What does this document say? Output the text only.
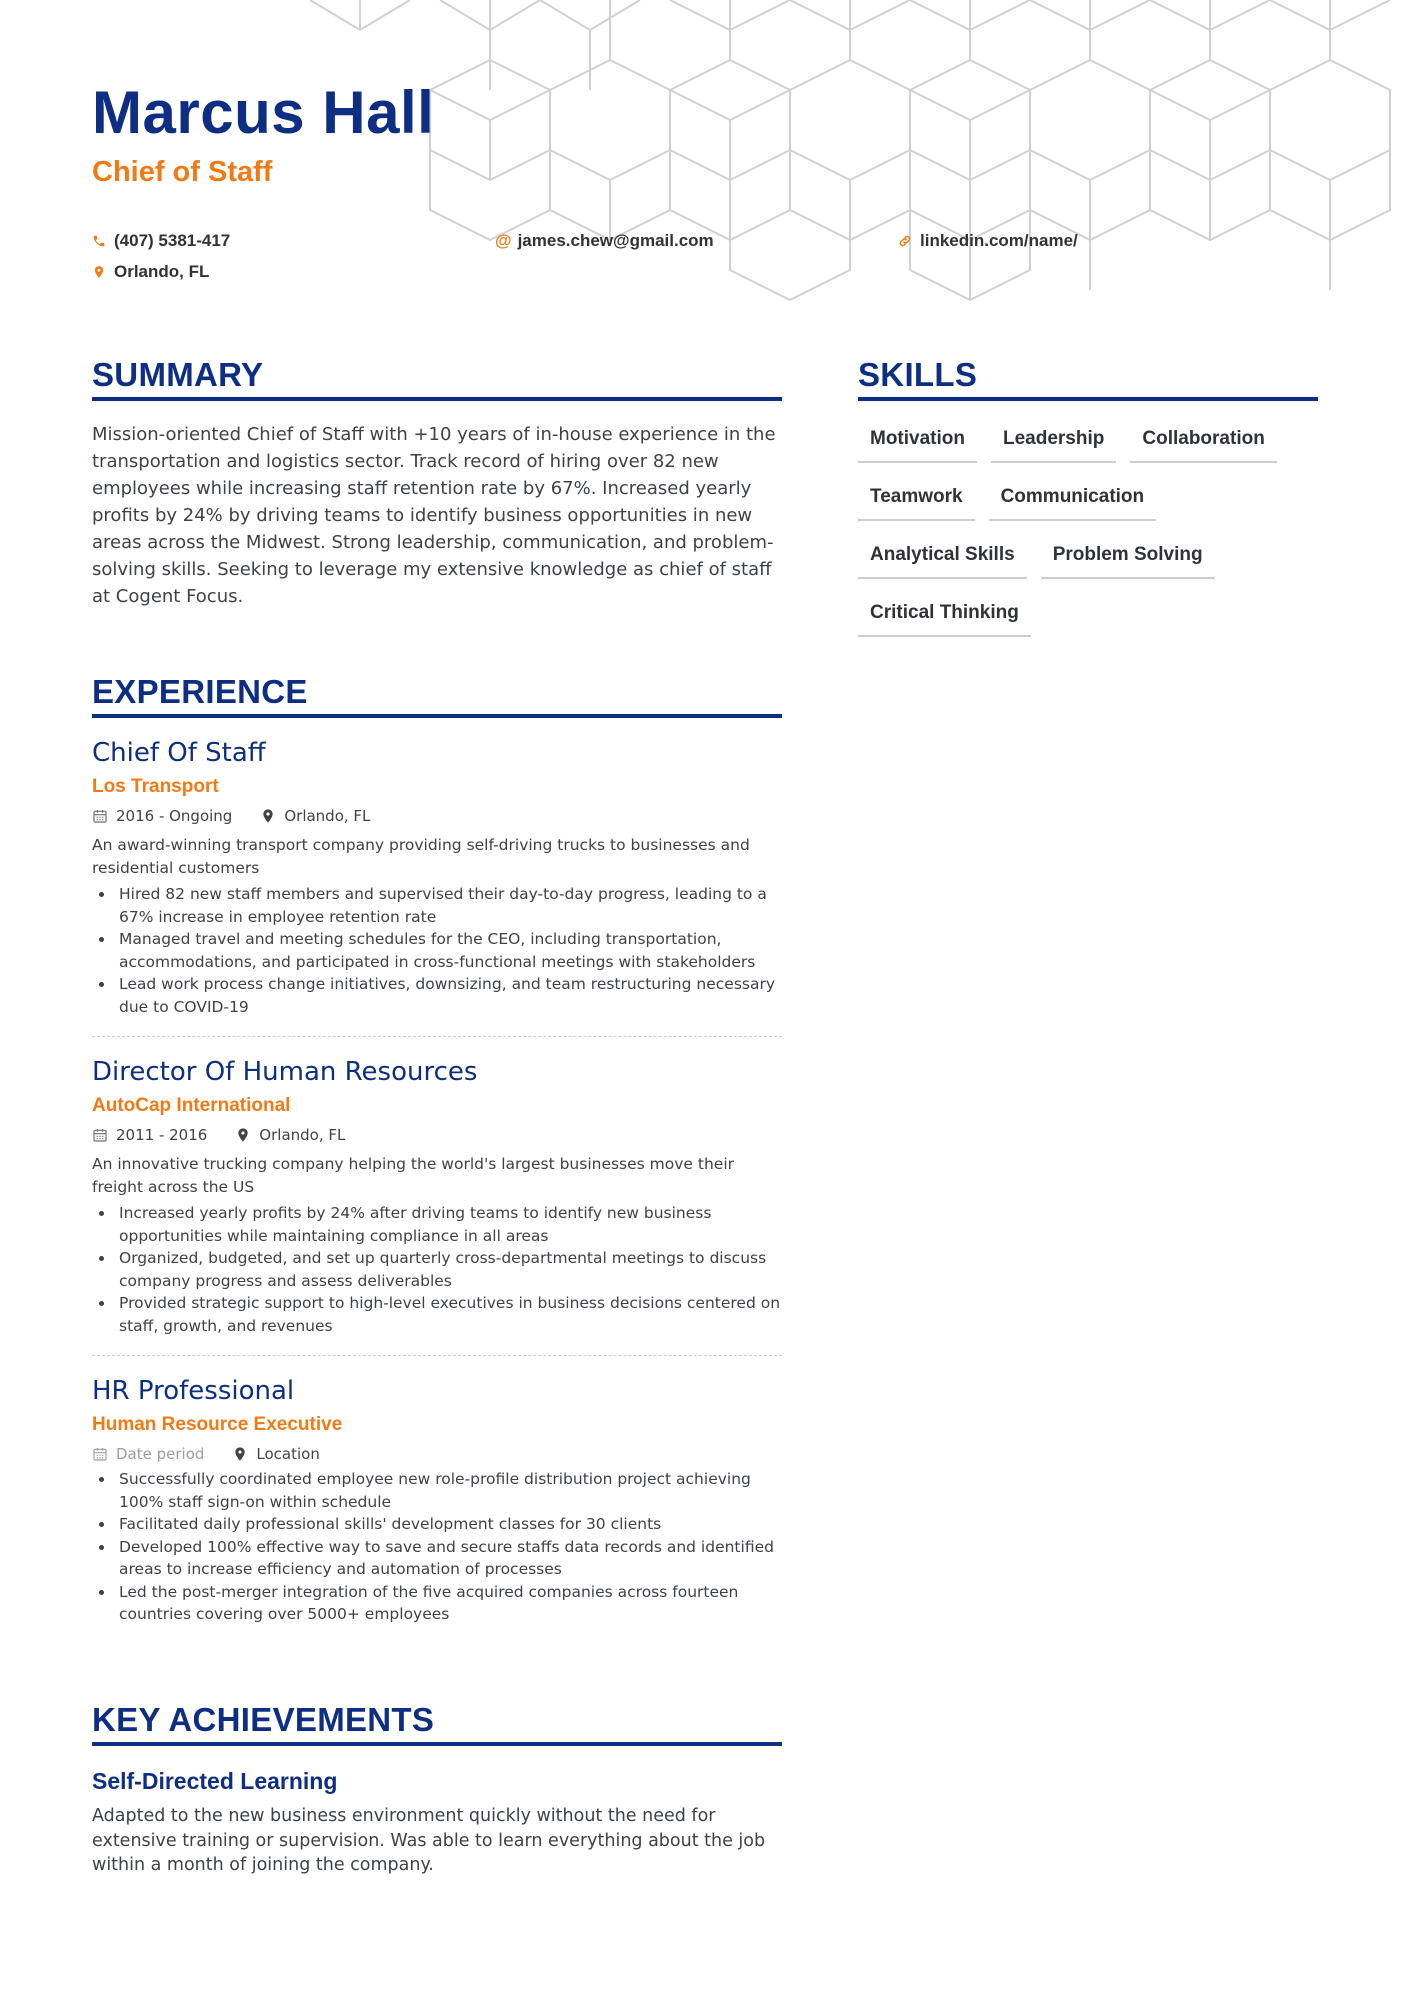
Marcus Hall
Chief of Staff
(407) 5381-417
Orlando, FL
@ james.chew@gmail.com	linkedin.com/name/
SUMMARY
Mission-oriented Chief of Staff with +10 years of in-house experience in the transportation and logistics sector. Track record of hiring over 82 new employees while increasing staff retention rate by 67%. Increased yearly profits by 24% by driving teams to identify business opportunities in new areas across the Midwest. Strong leadership, communication, and problem-solving skills. Seeking to leverage my extensive knowledge as chief of staff at Cogent Focus.
EXPERIENCE
Chief Of Staff
Los Transport
2016 - Ongoing	Orlando, FL
An award-winning transport company providing self-driving trucks to businesses and residential customers
Hired 82 new staff members and supervised their day-to-day progress, leading to a 67% increase in employee retention rate
Managed travel and meeting schedules for the CEO, including transportation, accommodations, and participated in cross-functional meetings with stakeholders
Lead work process change initiatives, downsizing, and team restructuring necessary due to COVID-19
Director Of Human Resources
AutoCap International
2011 - 2016	Orlando, FL
An innovative trucking company helping the world's largest businesses move their freight across the US
Increased yearly profits by 24% after driving teams to identify new business opportunities while maintaining compliance in all areas
Organized, budgeted, and set up quarterly cross-departmental meetings to discuss company progress and assess deliverables
Provided strategic support to high-level executives in business decisions centered on staff, growth, and revenues
HR Professional
Human Resource Executive
Date period	Location
Successfully coordinated employee new role-profile distribution project achieving 100% staff sign-on within schedule
Facilitated daily professional skills' development classes for 30 clients
Developed 100% effective way to save and secure staffs data records and identified areas to increase efficiency and automation of processes
Led the post-merger integration of the five acquired companies across fourteen countries covering over 5000+ employees
KEY ACHIEVEMENTS
Self-Directed Learning
Adapted to the new business environment quickly without the need for extensive training or supervision. Was able to learn everything about the job within a month of joining the company.
SKILLS
Motivation	Leadership	Collaboration
Teamwork	Communication
Analytical Skills	Problem Solving
Critical Thinking
